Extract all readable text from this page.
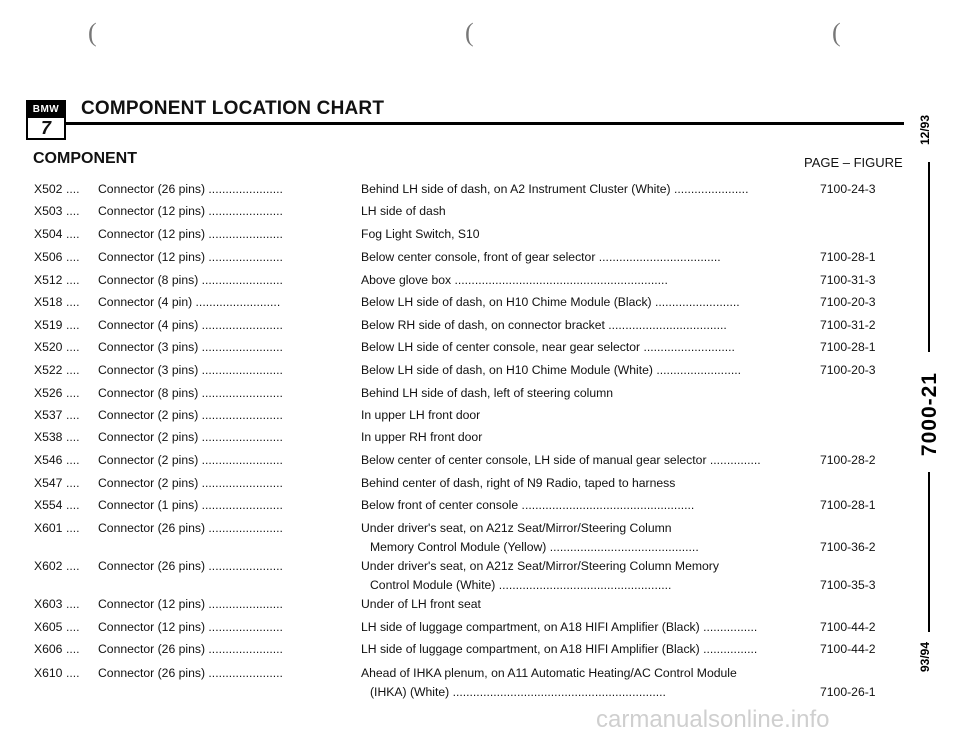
(	(	(
BMW
7
COMPONENT LOCATION CHART
COMPONENT	PAGE – FIGURE
X502 ....	Connector (26 pins) ......................	Behind LH side of dash, on A2 Instrument Cluster (White) ......................	7100-24-3
X503 ....	Connector (12 pins) ......................	LH side of dash
X504 ....	Connector (12 pins) ......................	Fog Light Switch, S10
X506 ....	Connector (12 pins) ......................	Below center console, front of gear selector ....................................	7100-28-1
X512 ....	Connector (8 pins) ........................	Above glove box ...............................................................	7100-31-3
X518 ....	Connector (4 pin) .........................	Below LH side of dash, on H10 Chime Module (Black) .........................	7100-20-3
X519 ....	Connector (4 pins) ........................	Below RH side of dash, on connector bracket ...................................	7100-31-2
X520 ....	Connector (3 pins) ........................	Below LH side of center console, near gear selector ...........................	7100-28-1
X522 ....	Connector (3 pins) ........................	Below LH side of dash, on H10 Chime Module (White) .........................	7100-20-3
X526 ....	Connector (8 pins) ........................	Behind LH side of dash, left of steering column
X537 ....	Connector (2 pins) ........................	In upper LH front door
X538 ....	Connector (2 pins) ........................	In upper RH front door
X546 ....	Connector (2 pins) ........................	Below center of center console, LH side of manual gear selector ...............	7100-28-2
X547 ....	Connector (2 pins) ........................	Behind center of dash, right of N9 Radio, taped to harness
X554 ....	Connector (1 pins) ........................	Below front of center console ...................................................	7100-28-1
X601 ....	Connector (26 pins) ......................	Under driver's seat, on A21z Seat/Mirror/Steering Column
Memory Control Module (Yellow) ............................................	7100-36-2
X602 ....	Connector (26 pins) ......................	Under driver's seat, on A21z Seat/Mirror/Steering Column Memory
Control Module (White) ...................................................	7100-35-3
X603 ....	Connector (12 pins) ......................	Under of LH front seat
X605 ....	Connector (12 pins) ......................	LH side of luggage compartment, on A18 HIFI Amplifier (Black) ................	7100-44-2
X606 ....	Connector (26 pins) ......................	LH side of luggage compartment, on A18 HIFI Amplifier (Black) ................	7100-44-2
X610 ....	Connector (26 pins) ......................	Ahead of IHKA plenum, on A11 Automatic Heating/AC Control Module
(IHKA) (White) ...............................................................	7100-26-1
12/93
7000-21
93/94
carmanualsonline.info
